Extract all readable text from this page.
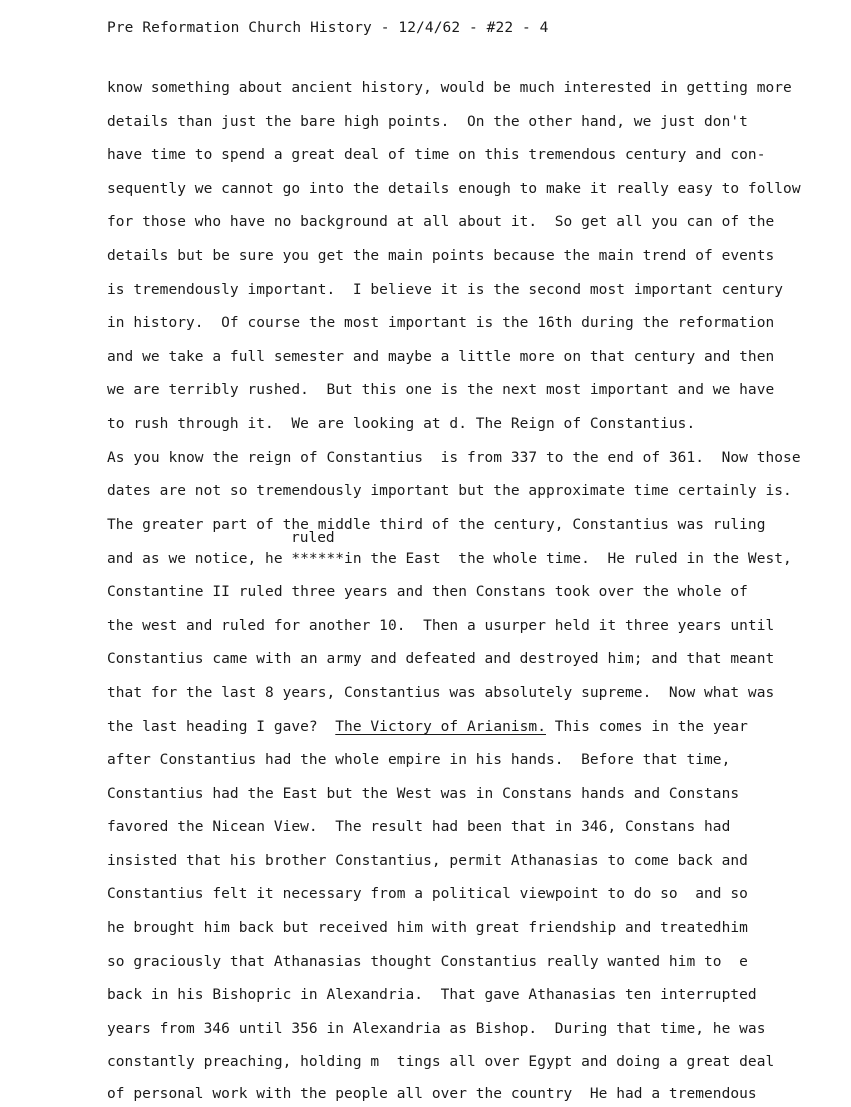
Pre Reformation Church History - 12/4/62 - #22 - 4
ruled
know something about ancient history, would be much interested in getting more
details than just the bare high points.  On the other hand, we just don't
have time to spend a great deal of time on this tremendous century and con-
sequently we cannot go into the details enough to make it really easy to follow
for those who have no background at all about it.  So get all you can of the
details but be sure you get the main points because the main trend of events
is tremendously important.  I believe it is the second most important century
in history.  Of course the most important is the 16th during the reformation
and we take a full semester and maybe a little more on that century and then
we are terribly rushed.  But this one is the next most important and we have
to rush through it.  We are looking at d. The Reign of Constantius.
As you know the reign of Constantius  is from 337 to the end of 361.  Now those
dates are not so tremendously important but the approximate time certainly is.
The greater part of the middle third of the century, Constantius was ruling
and as we notice, he ******in the East  the whole time.  He ruled in the West,
Constantine II ruled three years and then Constans took over the whole of
the west and ruled for another 10.  Then a usurper held it three years until
Constantius came with an army and defeated and destroyed him; and that meant
that for the last 8 years, Constantius was absolutely supreme.  Now what was
the last heading I gave?  The Victory of Arianism. This comes in the year
after Constantius had the whole empire in his hands.  Before that time,
Constantius had the East but the West was in Constans hands and Constans
favored the Nicean View.  The result had been that in 346, Constans had
insisted that his brother Constantius, permit Athanasias to come back and
Constantius felt it necessary from a political viewpoint to do so  and so
he brought him back but received him with great friendship and treatedhim
so graciously that Athanasias thought Constantius really wanted him to  e
back in his Bishopric in Alexandria.  That gave Athanasias ten interrupted
years from 346 until 356 in Alexandria as Bishop.  During that time, he was
constantly preaching, holding m  tings all over Egypt and doing a great deal
of personal work with the people all over the country  He had a tremendous
